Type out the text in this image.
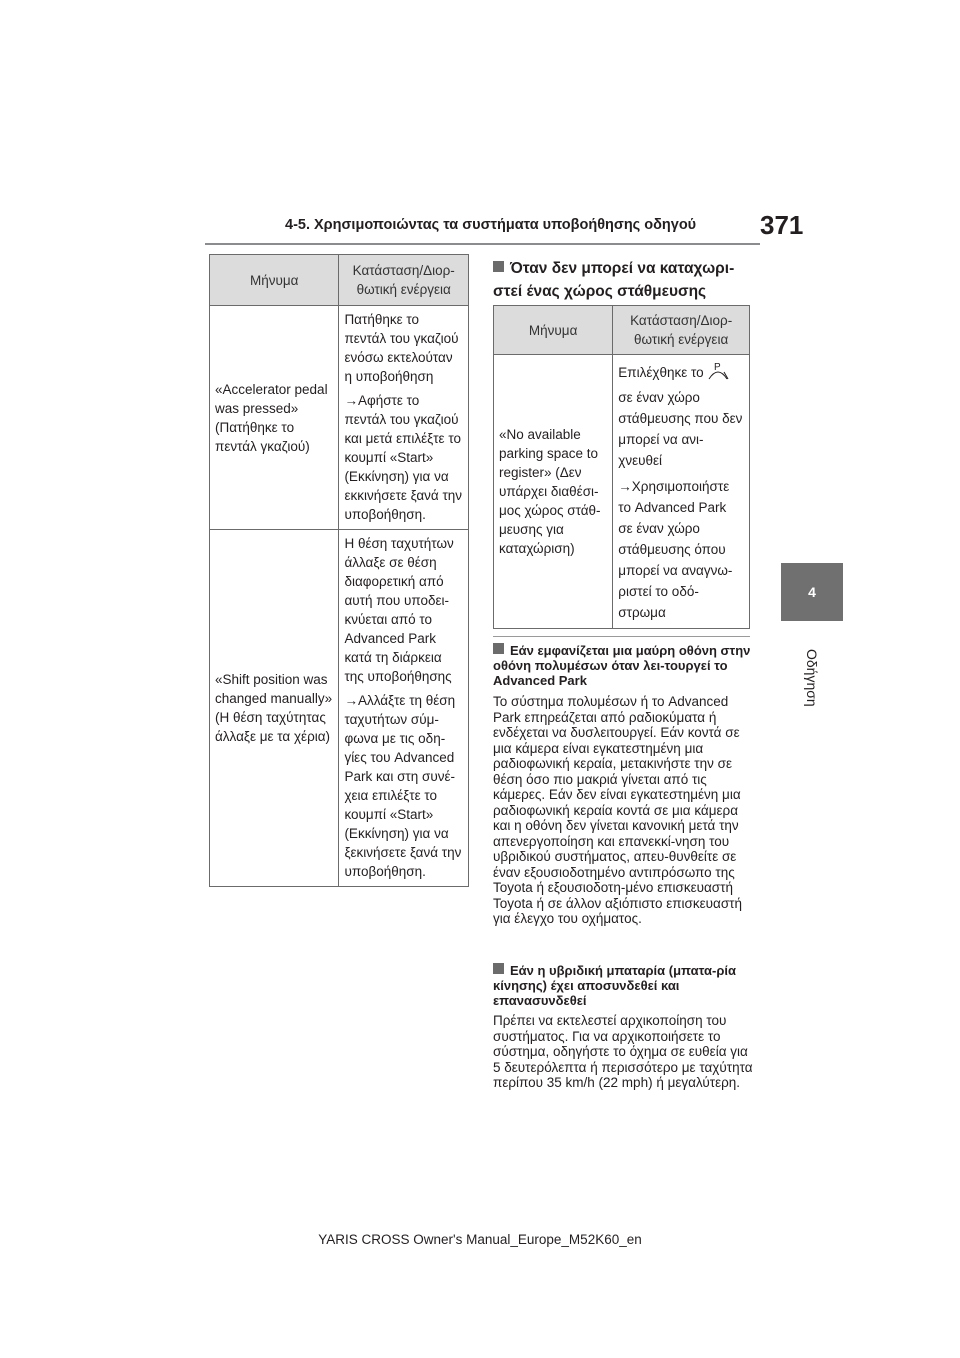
4-5. Χρησιμοποιώντας τα συστήματα υποβοήθησης οδηγού 371
4
Οδήγηση
Μήνυμα	Κατάσταση/Διορ-θωτική ενέργεια
«Accelerator pedal was pressed» (Πατήθηκε το πεντάλ γκαζιού)	Πατήθηκε το πεντάλ του γκαζιού ενόσω εκτελούταν η υποβοήθηση

→Αφήστε το πεντάλ του γκαζιού και μετά επιλέξτε το κουμπί «Start» (Εκκίνηση) για να εκκινήσετε ξανά την υποβοήθηση.

«Shift position was changed manually» (Η θέση ταχύτητας άλλαξε με τα χέρια)	Η θέση ταχυτήτων άλλαξε σε θέση διαφορετική από αυτή που υποδει-κνύεται από το Advanced Park κατά τη διάρκεια της υποβοήθησης

→Αλλάξτε τη θέση ταχυτήτων σύμ-φωνα με τις οδη-γίες του Advanced Park και στη συνέ-χεια επιλέξτε το κουμπί «Start» (Εκκίνηση) για να ξεκινήσετε ξανά την υποβοήθηση.

Όταν δεν μπορεί να καταχωρι-στεί ένας χώρος στάθμευσης
Μήνυμα	Κατάσταση/Διορ-θωτική ενέργεια
«No available parking space to register» (Δεν υπάρχει διαθέσι-μος χώρος στάθ-μευσης για καταχώριση)	Επιλέχθηκε το P
σε έναν χώρο στάθμευσης που δεν μπορεί να ανι-χνευθεί

→Χρησιμοποιήστε το Advanced Park σε έναν χώρο στάθμευσης όπου μπορεί να αναγνω-ριστεί το οδό-στρωμα

Εάν εμφανίζεται μια μαύρη οθόνη στην οθόνη πολυμέσων όταν λει-τουργεί το Advanced Park
Το σύστημα πολυμέσων ή το Advanced Park επηρεάζεται από ραδιοκύματα ή ενδέχεται να δυσλειτουργεί. Εάν κοντά σε μια κάμερα είναι εγκατεστημένη μια ραδιοφωνική κεραία, μετακινήστε την σε θέση όσο πιο μακριά γίνεται από τις κάμερες. Εάν δεν είναι εγκατεστημένη μια ραδιοφωνική κεραία κοντά σε μια κάμερα και η οθόνη δεν γίνεται κανονική μετά την απενεργοποίηση και επανεκκί-νηση του υβριδικού συστήματος, απευ-θυνθείτε σε έναν εξουσιοδοτημένο αντιπρόσωπο της Toyota ή εξουσιοδοτη-μένο επισκευαστή Toyota ή σε άλλον αξιόπιστο επισκευαστή για έλεγχο του οχήματος.
Εάν η υβριδική μπαταρία (μπατα-ρία κίνησης) έχει αποσυνδεθεί και επανασυνδεθεί
Πρέπει να εκτελεστεί αρχικοποίηση του συστήματος. Για να αρχικοποιήσετε το σύστημα, οδηγήστε το όχημα σε ευθεία για 5 δευτερόλεπτα ή περισσότερο με ταχύτητα περίπου 35 km/h (22 mph) ή μεγαλύτερη.
YARIS CROSS Owner's Manual_Europe_M52K60_en
